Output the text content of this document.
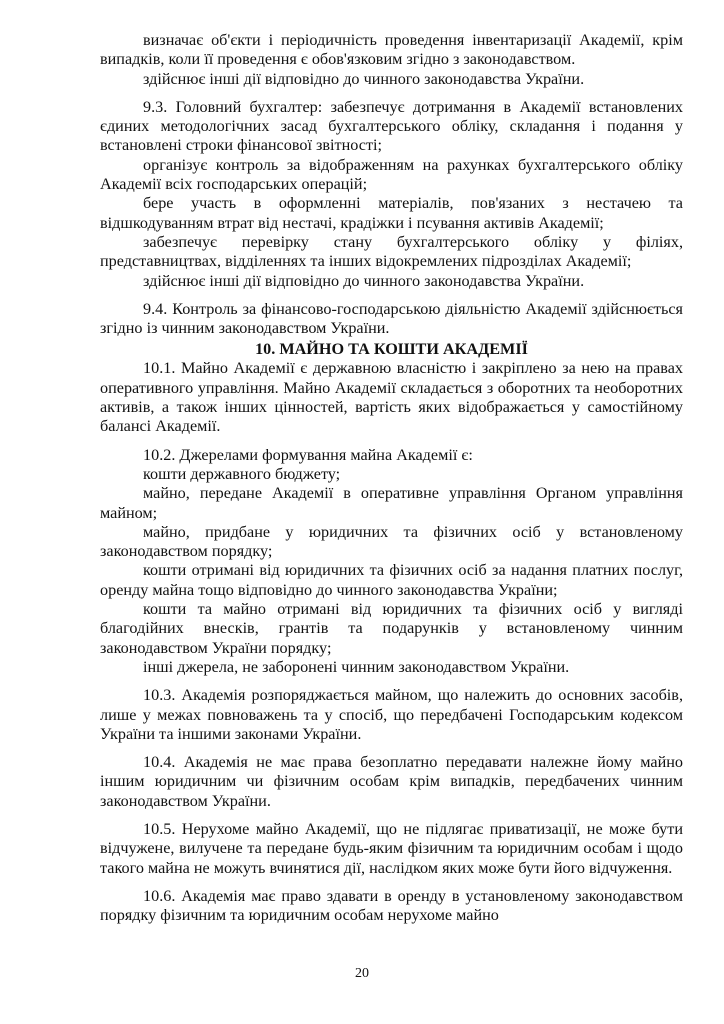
визначає об'єкти і періодичність проведення інвентаризації Академії, крім випадків, коли її проведення є обов'язковим згідно з законодавством.

здійснює інші дії відповідно до чинного законодавства України.

9.3. Головний бухгалтер: забезпечує дотримання в Академії встановлених єдиних методологічних засад бухгалтерського обліку, складання і подання у встановлені строки фінансової звітності;

організує контроль за відображенням на рахунках бухгалтерського обліку Академії всіх господарських операцій;

бере участь в оформленні матеріалів, пов'язаних з нестачею та відшкодуванням втрат від нестачі, крадіжки і псування активів Академії;

забезпечує перевірку стану бухгалтерського обліку у філіях, представництвах, відділеннях та інших відокремлених підрозділах Академії;

здійснює інші дії відповідно до чинного законодавства України.

9.4. Контроль за фінансово-господарською діяльністю Академії здійснюється згідно із чинним законодавством України.

10. МАЙНО ТА КОШТИ АКАДЕМІЇ

10.1. Майно Академії є державною власністю і закріплено за нею на правах оперативного управління. Майно Академії складається з оборотних та необоротних активів, а також інших цінностей, вартість яких відображається у самостійному балансі Академії.

10.2. Джерелами формування майна Академії є:

кошти державного бюджету;

майно, передане Академії в оперативне управління Органом управління майном;

майно, придбане у юридичних та фізичних осіб у встановленому законодавством порядку;

кошти отримані від юридичних та фізичних осіб за надання платних послуг, оренду майна тощо відповідно до чинного законодавства України;

кошти та майно отримані від юридичних та фізичних осіб у вигляді благодійних внесків, грантів та подарунків у встановленому чинним законодавством України порядку;

інші джерела, не заборонені чинним законодавством України.

10.3. Академія розпоряджається майном, що належить до основних засобів, лише у межах повноважень та у спосіб, що передбачені Господарським кодексом України та іншими законами України.

10.4. Академія не має права безоплатно передавати належне йому майно іншим юридичним чи фізичним особам крім випадків, передбачених чинним законодавством України.

10.5. Нерухоме майно Академії, що не підлягає приватизації, не може бути відчужене, вилучене та передане будь-яким фізичним та юридичним особам і щодо такого майна не можуть вчинятися дії, наслідком яких може бути його відчуження.

10.6. Академія має право здавати в оренду в установленому законодавством порядку фізичним та юридичним особам нерухоме майно

20
